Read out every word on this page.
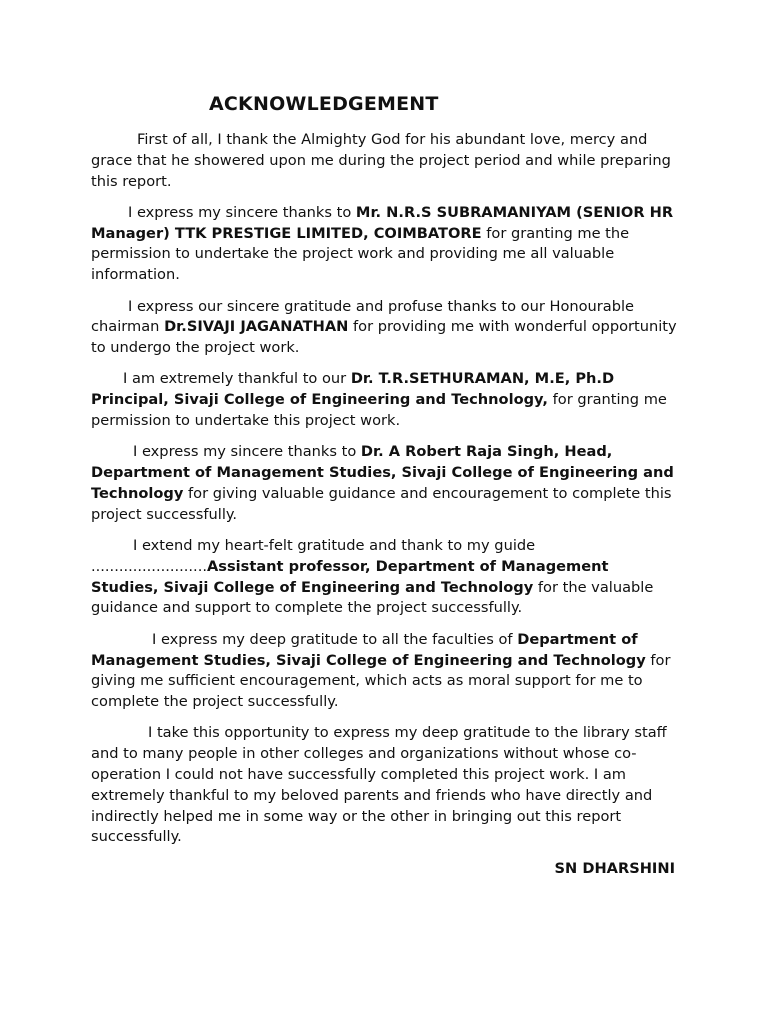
ACKNOWLEDGEMENT

First of all, I thank the Almighty God for his abundant love, mercy and grace that he showered upon me during the project period and while preparing this report.

I express my sincere thanks to Mr. N.R.S SUBRAMANIYAM (SENIOR HR Manager) TTK PRESTIGE LIMITED, COIMBATORE for granting me the permission to undertake the project work and providing me all valuable information.

I express our sincere gratitude and profuse thanks to our Honourable chairman Dr.SIVAJI JAGANATHAN for providing me with wonderful opportunity to undergo the project work.

I am extremely thankful to our Dr. T.R.SETHURAMAN, M.E, Ph.D Principal, Sivaji College of Engineering and Technology, for granting me permission to undertake this project work.

I express my sincere thanks to Dr. A Robert Raja Singh, Head, Department of Management Studies, Sivaji College of Engineering and Technology for giving valuable guidance and encouragement to complete this project successfully.

I extend my heart-felt gratitude and thank to my guide .........................Assistant professor, Department of Management Studies, Sivaji College of Engineering and Technology for the valuable guidance and support to complete the project successfully.

I express my deep gratitude to all the faculties of Department of Management Studies, Sivaji College of Engineering and Technology for giving me sufficient encouragement, which acts as moral support for me to complete the project successfully.

I take this opportunity to express my deep gratitude to the library staff and to many people in other colleges and organizations without whose co-operation I could not have successfully completed this project work. I am extremely thankful to my beloved parents and friends who have directly and indirectly helped me in some way or the other in bringing out this report successfully.

SN DHARSHINI
